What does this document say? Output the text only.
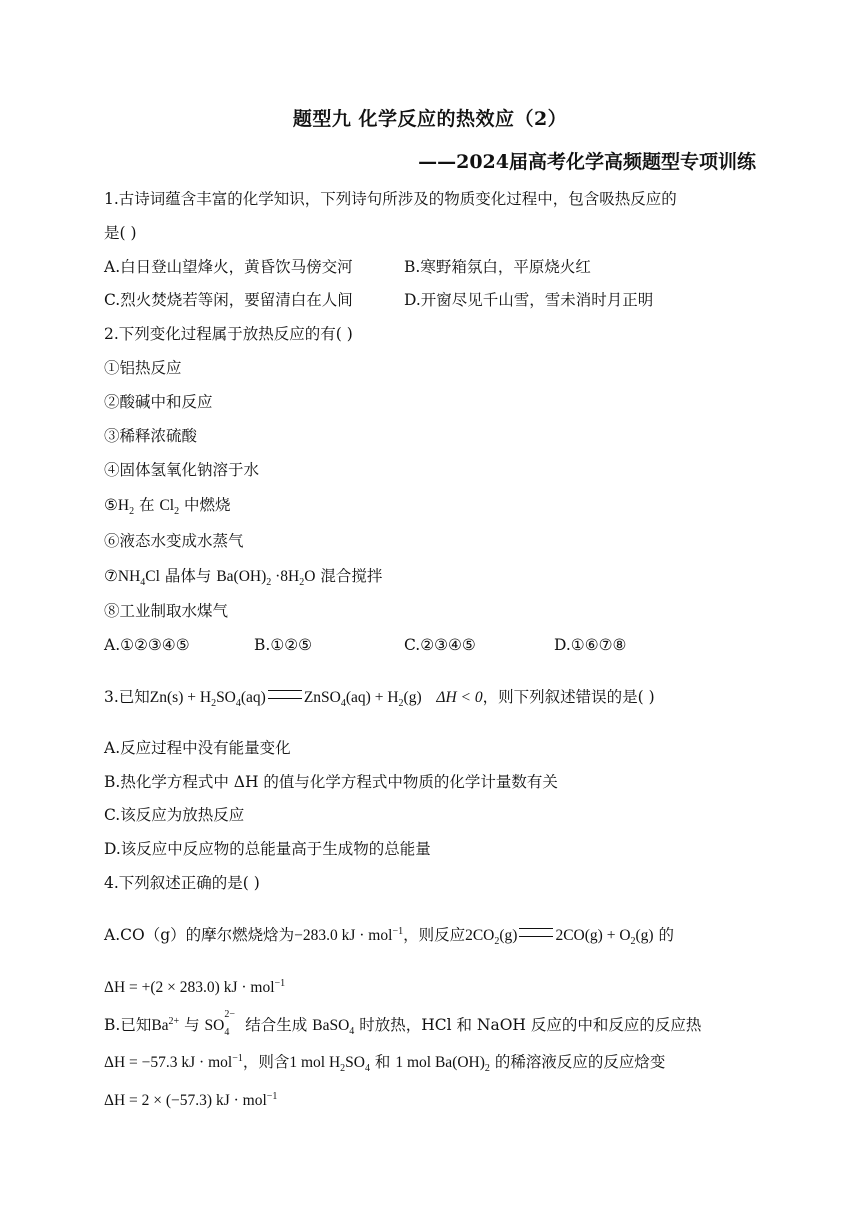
题型九 化学反应的热效应（2）
——2024届高考化学高频题型专项训练
1.古诗词蕴含丰富的化学知识，下列诗句所涉及的物质变化过程中，包含吸热反应的
是( )
A.白日登山望烽火，黄昏饮马傍交河	B.寒野箱氛白，平原烧火红
C.烈火焚烧若等闲，要留清白在人间	D.开窗尽见千山雪，雪未消时月正明
2.下列变化过程属于放热反应的有( )
①铝热反应
②酸碱中和反应
③稀释浓硫酸
④固体氢氧化钠溶于水
$⑤H_2$ 在 $Cl_2$ 中燃烧
⑥液态水变成水蒸气
$⑦NH_4Cl$ 晶体与 $Ba(OH)_2 \cdot 8H_2O$ 混合搅拌
⑧工业制取水煤气
A.①②③④⑤	B.①②⑤	C.②③④⑤	D.①⑥⑦⑧
3.已知$Zn(s) + H_2SO_4(aq)$ ZnSO$_4$(aq) + $H_2(g) \Delta H < 0$，则下列叙述错误的是( )
A.反应过程中没有能量变化
B.热化学方程式中 ΔH 的值与化学方程式中物质的化学计量数有关
C.该反应为放热反应
D.该反应中反应物的总能量高于生成物的总能量
4.下列叙述正确的是( )
A.CO（g）的摩尔燃烧焓为−283.0 kJ · mol$^{-1}$，则反应$2CO_2(g) 2CO(g) + O_2(g)$ 的
ΔH = +(2 × 283.0) kJ · mol$^{-1}$
B.已知$Ba^{2+}$ 与 SO
2−
4 结合生成 BaSO$_4$ 时放热，HCl 和 NaOH 反应的中和反应的反应热
ΔH = −57.3 kJ · mol$^{-1}$，则含1 mol $H_2SO_4$ 和 1 mol $Ba(OH)_2$ 的稀溶液反应的反应焓变
ΔH = 2 × (−57.3) kJ · mol$^{-1}$
